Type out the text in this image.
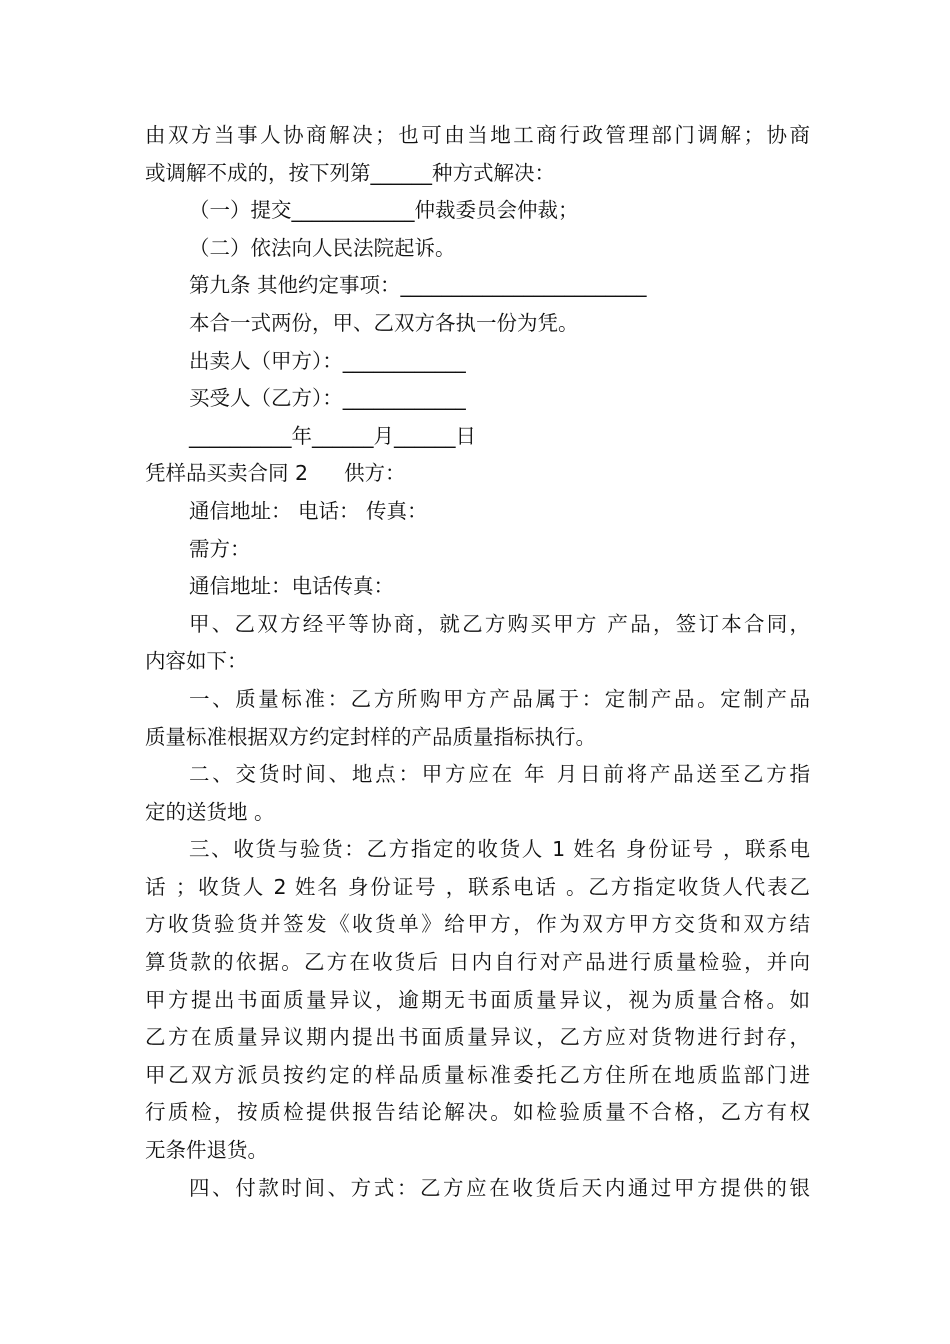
由双方当事人协商解决；也可由当地工商行政管理部门调解；协商
或调解不成的，按下列第______种方式解决：
（一）提交____________仲裁委员会仲裁；
（二）依法向人民法院起诉。
第九条 其他约定事项：________________________
本合一式两份，甲、乙双方各执一份为凭。
出卖人（甲方）：____________
买受人（乙方）：____________
__________年______月______日
凭样品买卖合同 2 供方：
通信地址： 电话： 传真：
需方：
通信地址：电话传真：
甲、乙双方经平等协商，就乙方购买甲方 产品，签订本合同，
内容如下：
一、质量标准：乙方所购甲方产品属于：定制产品。定制产品
质量标准根据双方约定封样的产品质量指标执行。
二、交货时间、地点：甲方应在 年 月日前将产品送至乙方指
定的送货地 。
三、收货与验货：乙方指定的收货人 1 姓名 身份证号 ，联系电
话 ；收货人 2 姓名 身份证号 ，联系电话 。乙方指定收货人代表乙
方收货验货并签发《收货单》给甲方，作为双方甲方交货和双方结
算货款的依据。乙方在收货后 日内自行对产品进行质量检验，并向
甲方提出书面质量异议，逾期无书面质量异议，视为质量合格。如
乙方在质量异议期内提出书面质量异议，乙方应对货物进行封存，
甲乙双方派员按约定的样品质量标准委托乙方住所在地质监部门进
行质检，按质检提供报告结论解决。如检验质量不合格，乙方有权
无条件退货。
四、付款时间、方式：乙方应在收货后天内通过甲方提供的银
